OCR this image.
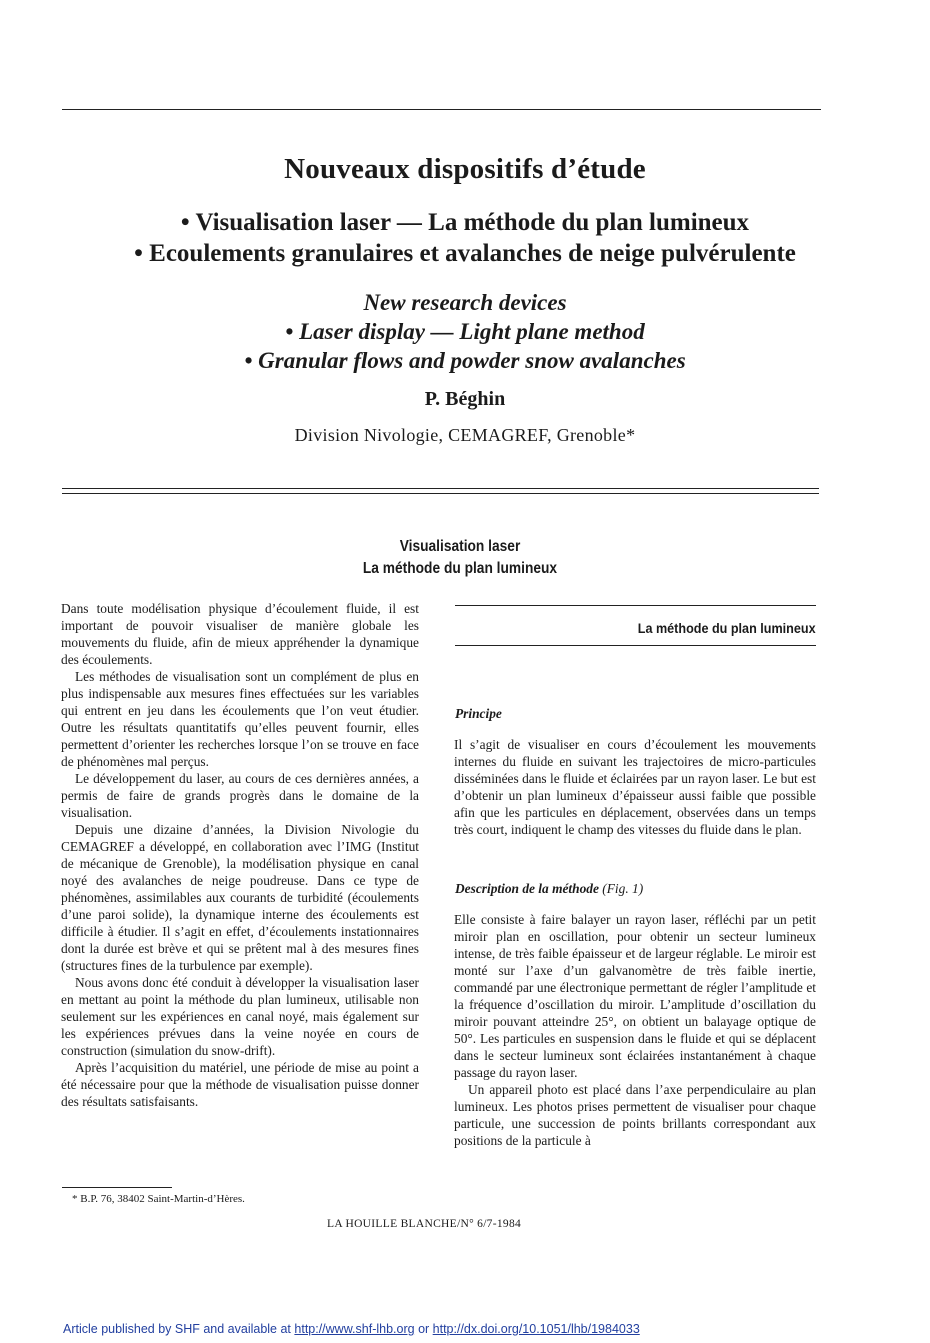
Nouveaux dispositifs d’étude
• Visualisation laser — La méthode du plan lumineux
• Ecoulements granulaires et avalanches de neige pulvérulente
New research devices
• Laser display — Light plane method
• Granular flows and powder snow avalanches
P. Béghin
Division Nivologie, CEMAGREF, Grenoble*
Visualisation laser
La méthode du plan lumineux

Dans toute modélisation physique d’écoulement fluide, il est important de pouvoir visualiser de manière globale les mouvements du fluide, afin de mieux appréhender la dynamique des écoulements.

Les méthodes de visualisation sont un complément de plus en plus indispensable aux mesures fines effectuées sur les variables qui entrent en jeu dans les écoulements que l’on veut étudier. Outre les résultats quantitatifs qu’elles peuvent fournir, elles permettent d’orienter les recherches lorsque l’on se trouve en face de phénomènes mal perçus.

Le développement du laser, au cours de ces dernières années, a permis de faire de grands progrès dans le domaine de la visualisation.

Depuis une dizaine d’années, la Division Nivologie du CEMAGREF a développé, en collaboration avec l’IMG (Institut de mécanique de Grenoble), la modélisation physique en canal noyé des avalanches de neige poudreuse. Dans ce type de phénomènes, assimilables aux courants de turbidité (écoulements d’une paroi solide), la dynamique interne des écoulements est difficile à étudier. Il s’agit en effet, d’écoulements instationnaires dont la durée est brève et qui se prêtent mal à des mesures fines (structures fines de la turbulence par exemple).

Nous avons donc été conduit à développer la visualisation laser en mettant au point la méthode du plan lumineux, utilisable non seulement sur les expériences en canal noyé, mais également sur les expériences prévues dans la veine noyée en cours de construction (simulation du snow-drift).

Après l’acquisition du matériel, une période de mise au point a été nécessaire pour que la méthode de visualisation puisse donner des résultats satisfaisants.

La méthode du plan lumineux
Principe

Il s’agit de visualiser en cours d’écoulement les mouvements internes du fluide en suivant les trajectoires de micro-particules disséminées dans le fluide et éclairées par un rayon laser. Le but est d’obtenir un plan lumineux d’épaisseur aussi faible que possible afin que les particules en déplacement, observées dans un temps très court, indiquent le champ des vitesses du fluide dans le plan.

Description de la méthode (Fig. 1)

Elle consiste à faire balayer un rayon laser, réfléchi par un petit miroir plan en oscillation, pour obtenir un secteur lumineux intense, de très faible épaisseur et de largeur réglable. Le miroir est monté sur l’axe d’un galvanomètre de très faible inertie, commandé par une électronique permettant de régler l’amplitude et la fréquence d’oscillation du miroir. L’amplitude d’oscillation du miroir pouvant atteindre 25°, on obtient un balayage optique de 50°. Les particules en suspension dans le fluide et qui se déplacent dans le secteur lumineux sont éclairées instantanément à chaque passage du rayon laser.

Un appareil photo est placé dans l’axe perpendiculaire au plan lumineux. Les photos prises permettent de visualiser pour chaque particule, une succession de points brillants correspondant aux positions de la particule à

* B.P. 76, 38402 Saint-Martin-d’Hères.
LA HOUILLE BLANCHE/N° 6/7-1984
Article published by SHF and available at http://www.shf-lhb.org or http://dx.doi.org/10.1051/lhb/1984033
